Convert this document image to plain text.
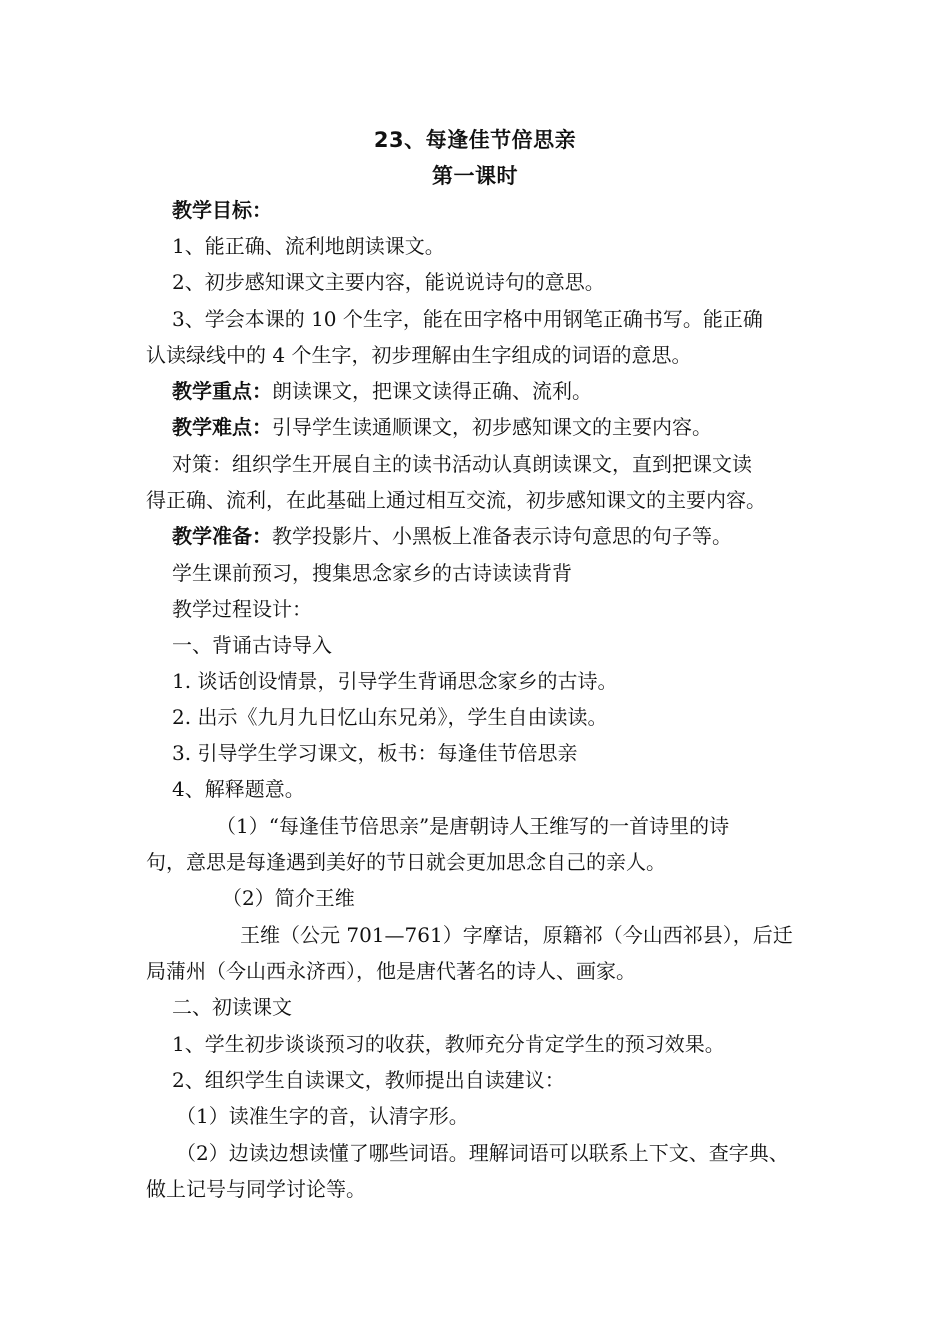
23、每逢佳节倍思亲
第一课时
教学目标：
1、能正确、流利地朗读课文。
2、初步感知课文主要内容，能说说诗句的意思。
3、学会本课的 10 个生字，能在田字格中用钢笔正确书写。能正确
认读绿线中的 4 个生字，初步理解由生字组成的词语的意思。
教学重点：朗读课文，把课文读得正确、流利。
教学难点：引导学生读通顺课文，初步感知课文的主要内容。
对策：组织学生开展自主的读书活动认真朗读课文，直到把课文读
得正确、流利，在此基础上通过相互交流，初步感知课文的主要内容。
教学准备：教学投影片、小黑板上准备表示诗句意思的句子等。
学生课前预习，搜集思念家乡的古诗读读背背
教学过程设计：
一、背诵古诗导入
1. 谈话创设情景，引导学生背诵思念家乡的古诗。
2. 出示《九月九日忆山东兄弟》，学生自由读读。
3. 引导学生学习课文，板书：每逢佳节倍思亲
4、解释题意。
（1）“每逢佳节倍思亲”是唐朝诗人王维写的一首诗里的诗
句，意思是每逢遇到美好的节日就会更加思念自己的亲人。
（2）简介王维
王维（公元 701—761）字摩诘，原籍祁（今山西祁县），后迁
局蒲州（今山西永济西），他是唐代著名的诗人、画家。
二、初读课文
1、学生初步谈谈预习的收获，教师充分肯定学生的预习效果。
2、组织学生自读课文，教师提出自读建议：
（1）读准生字的音，认清字形。
（2）边读边想读懂了哪些词语。理解词语可以联系上下文、查字典、
做上记号与同学讨论等。
